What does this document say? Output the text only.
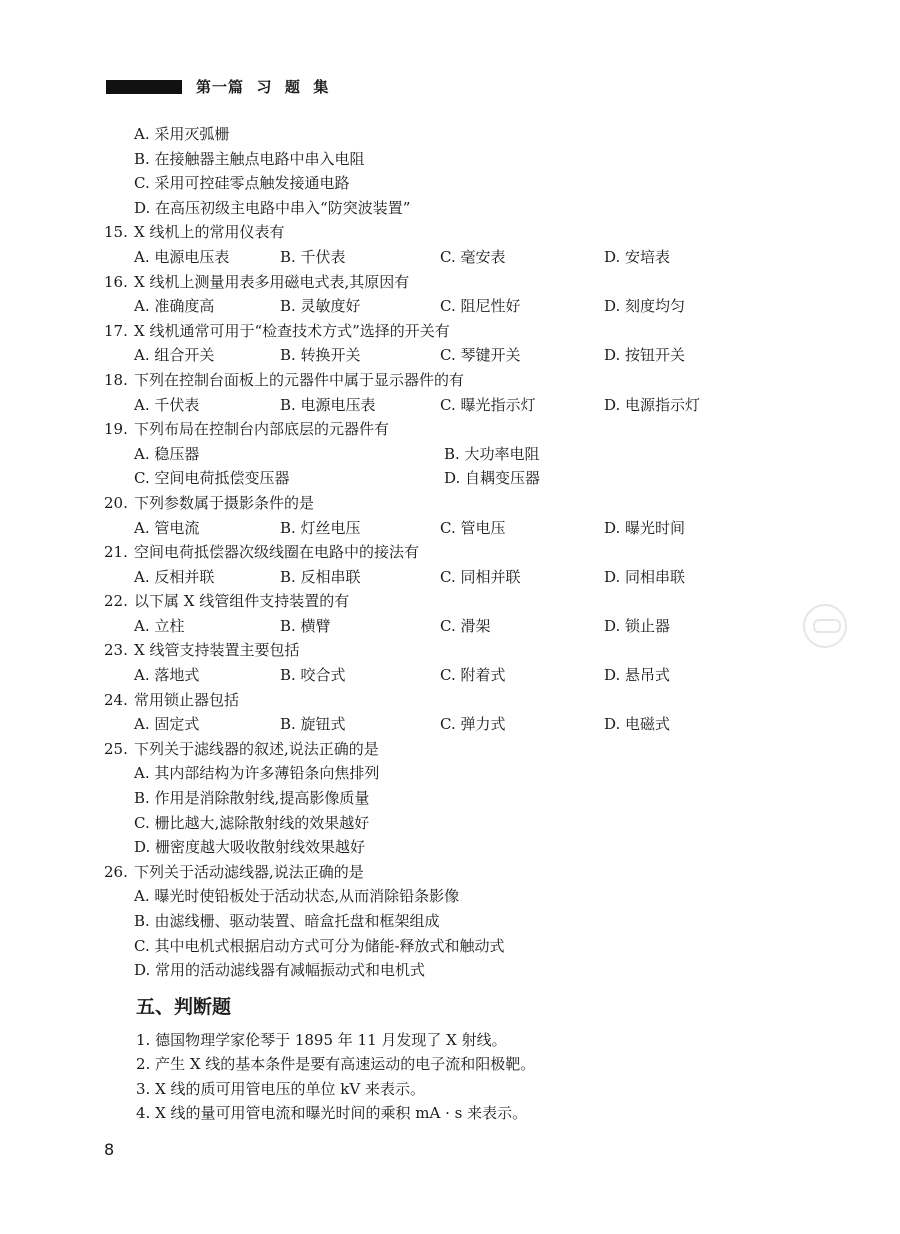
第一篇  习  题  集
A. 采用灭弧栅
B. 在接触器主触点电路中串入电阻
C. 采用可控硅零点触发接通电路
D. 在高压初级主电路中串入“防突波装置”
15. X 线机上的常用仪表有
A. 电源电压表	B. 千伏表	C. 毫安表	D. 安培表
16. X 线机上测量用表多用磁电式表,其原因有
A. 准确度高	B. 灵敏度好	C. 阻尼性好	D. 刻度均匀
17. X 线机通常可用于“检查技术方式”选择的开关有
A. 组合开关	B. 转换开关	C. 琴键开关	D. 按钮开关
18. 下列在控制台面板上的元器件中属于显示器件的有
A. 千伏表	B. 电源电压表	C. 曝光指示灯	D. 电源指示灯
19. 下列布局在控制台内部底层的元器件有
A. 稳压器	B. 大功率电阻
C. 空间电荷抵偿变压器	D. 自耦变压器
20. 下列参数属于摄影条件的是
A. 管电流	B. 灯丝电压	C. 管电压	D. 曝光时间
21. 空间电荷抵偿器次级线圈在电路中的接法有
A. 反相并联	B. 反相串联	C. 同相并联	D. 同相串联
22. 以下属 X 线管组件支持装置的有
A. 立柱	B. 横臂	C. 滑架	D. 锁止器
23. X 线管支持装置主要包括
A. 落地式	B. 咬合式	C. 附着式	D. 悬吊式
24. 常用锁止器包括
A. 固定式	B. 旋钮式	C. 弹力式	D. 电磁式
25. 下列关于滤线器的叙述,说法正确的是
A. 其内部结构为许多薄铅条向焦排列
B. 作用是消除散射线,提高影像质量
C. 栅比越大,滤除散射线的效果越好
D. 栅密度越大吸收散射线效果越好
26. 下列关于活动滤线器,说法正确的是
A. 曝光时使铅板处于活动状态,从而消除铅条影像
B. 由滤线栅、驱动装置、暗盒托盘和框架组成
C. 其中电机式根据启动方式可分为储能-释放式和触动式
D. 常用的活动滤线器有减幅振动式和电机式
五、判断题
1. 德国物理学家伦琴于 1895 年 11 月发现了 X 射线。
2. 产生 X 线的基本条件是要有高速运动的电子流和阳极靶。
3. X 线的质可用管电压的单位 kV 来表示。
4. X 线的量可用管电流和曝光时间的乘积 mA · s 来表示。
8
